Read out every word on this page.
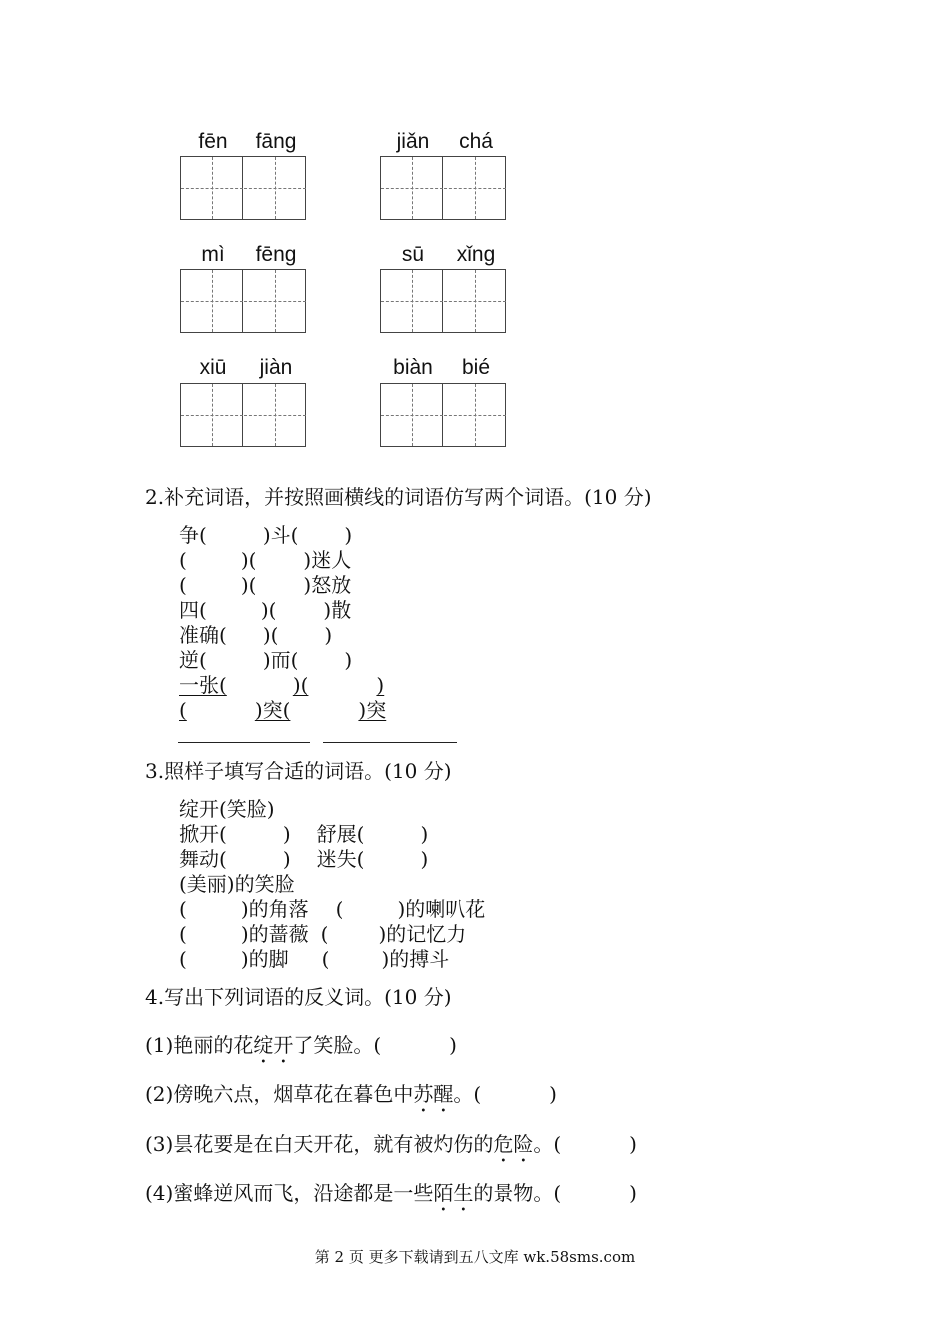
fēn	fāng	jiǎn	chá
mì	fēng	sū	xǐng
xiū	jiàn	biàn	bié
2.补充词语，并按照画横线的词语仿写两个词语。(10 分)
争(	)斗( )
(	)( )迷人
(	)( )怒放
四(	)( )散
准确( )( )
逆(	)而( )
一张(	)(	)
(	)突(	)突
3.照样子填写合适的词语。(10 分)
绽开(笑脸)
掀开(	) 舒展(	)
舞动(	) 迷失(	)
(美丽)的笑脸
(	)的角落 (	)的喇叭花
(	)的蔷薇 (	)的记忆力
(	)的脚 (	)的搏斗
4.写出下列词语的反义词。(10 分)
(1)艳丽的花绽开了笑脸。(	)
(2)傍晚六点，烟草花在暮色中苏醒。(	)
(3)昙花要是在白天开花，就有被灼伤的危险。(	)
(4)蜜蜂逆风而飞，沿途都是一些陌生的景物。(	)
第 2 页 更多下载请到五八文库 wk.58sms.com
